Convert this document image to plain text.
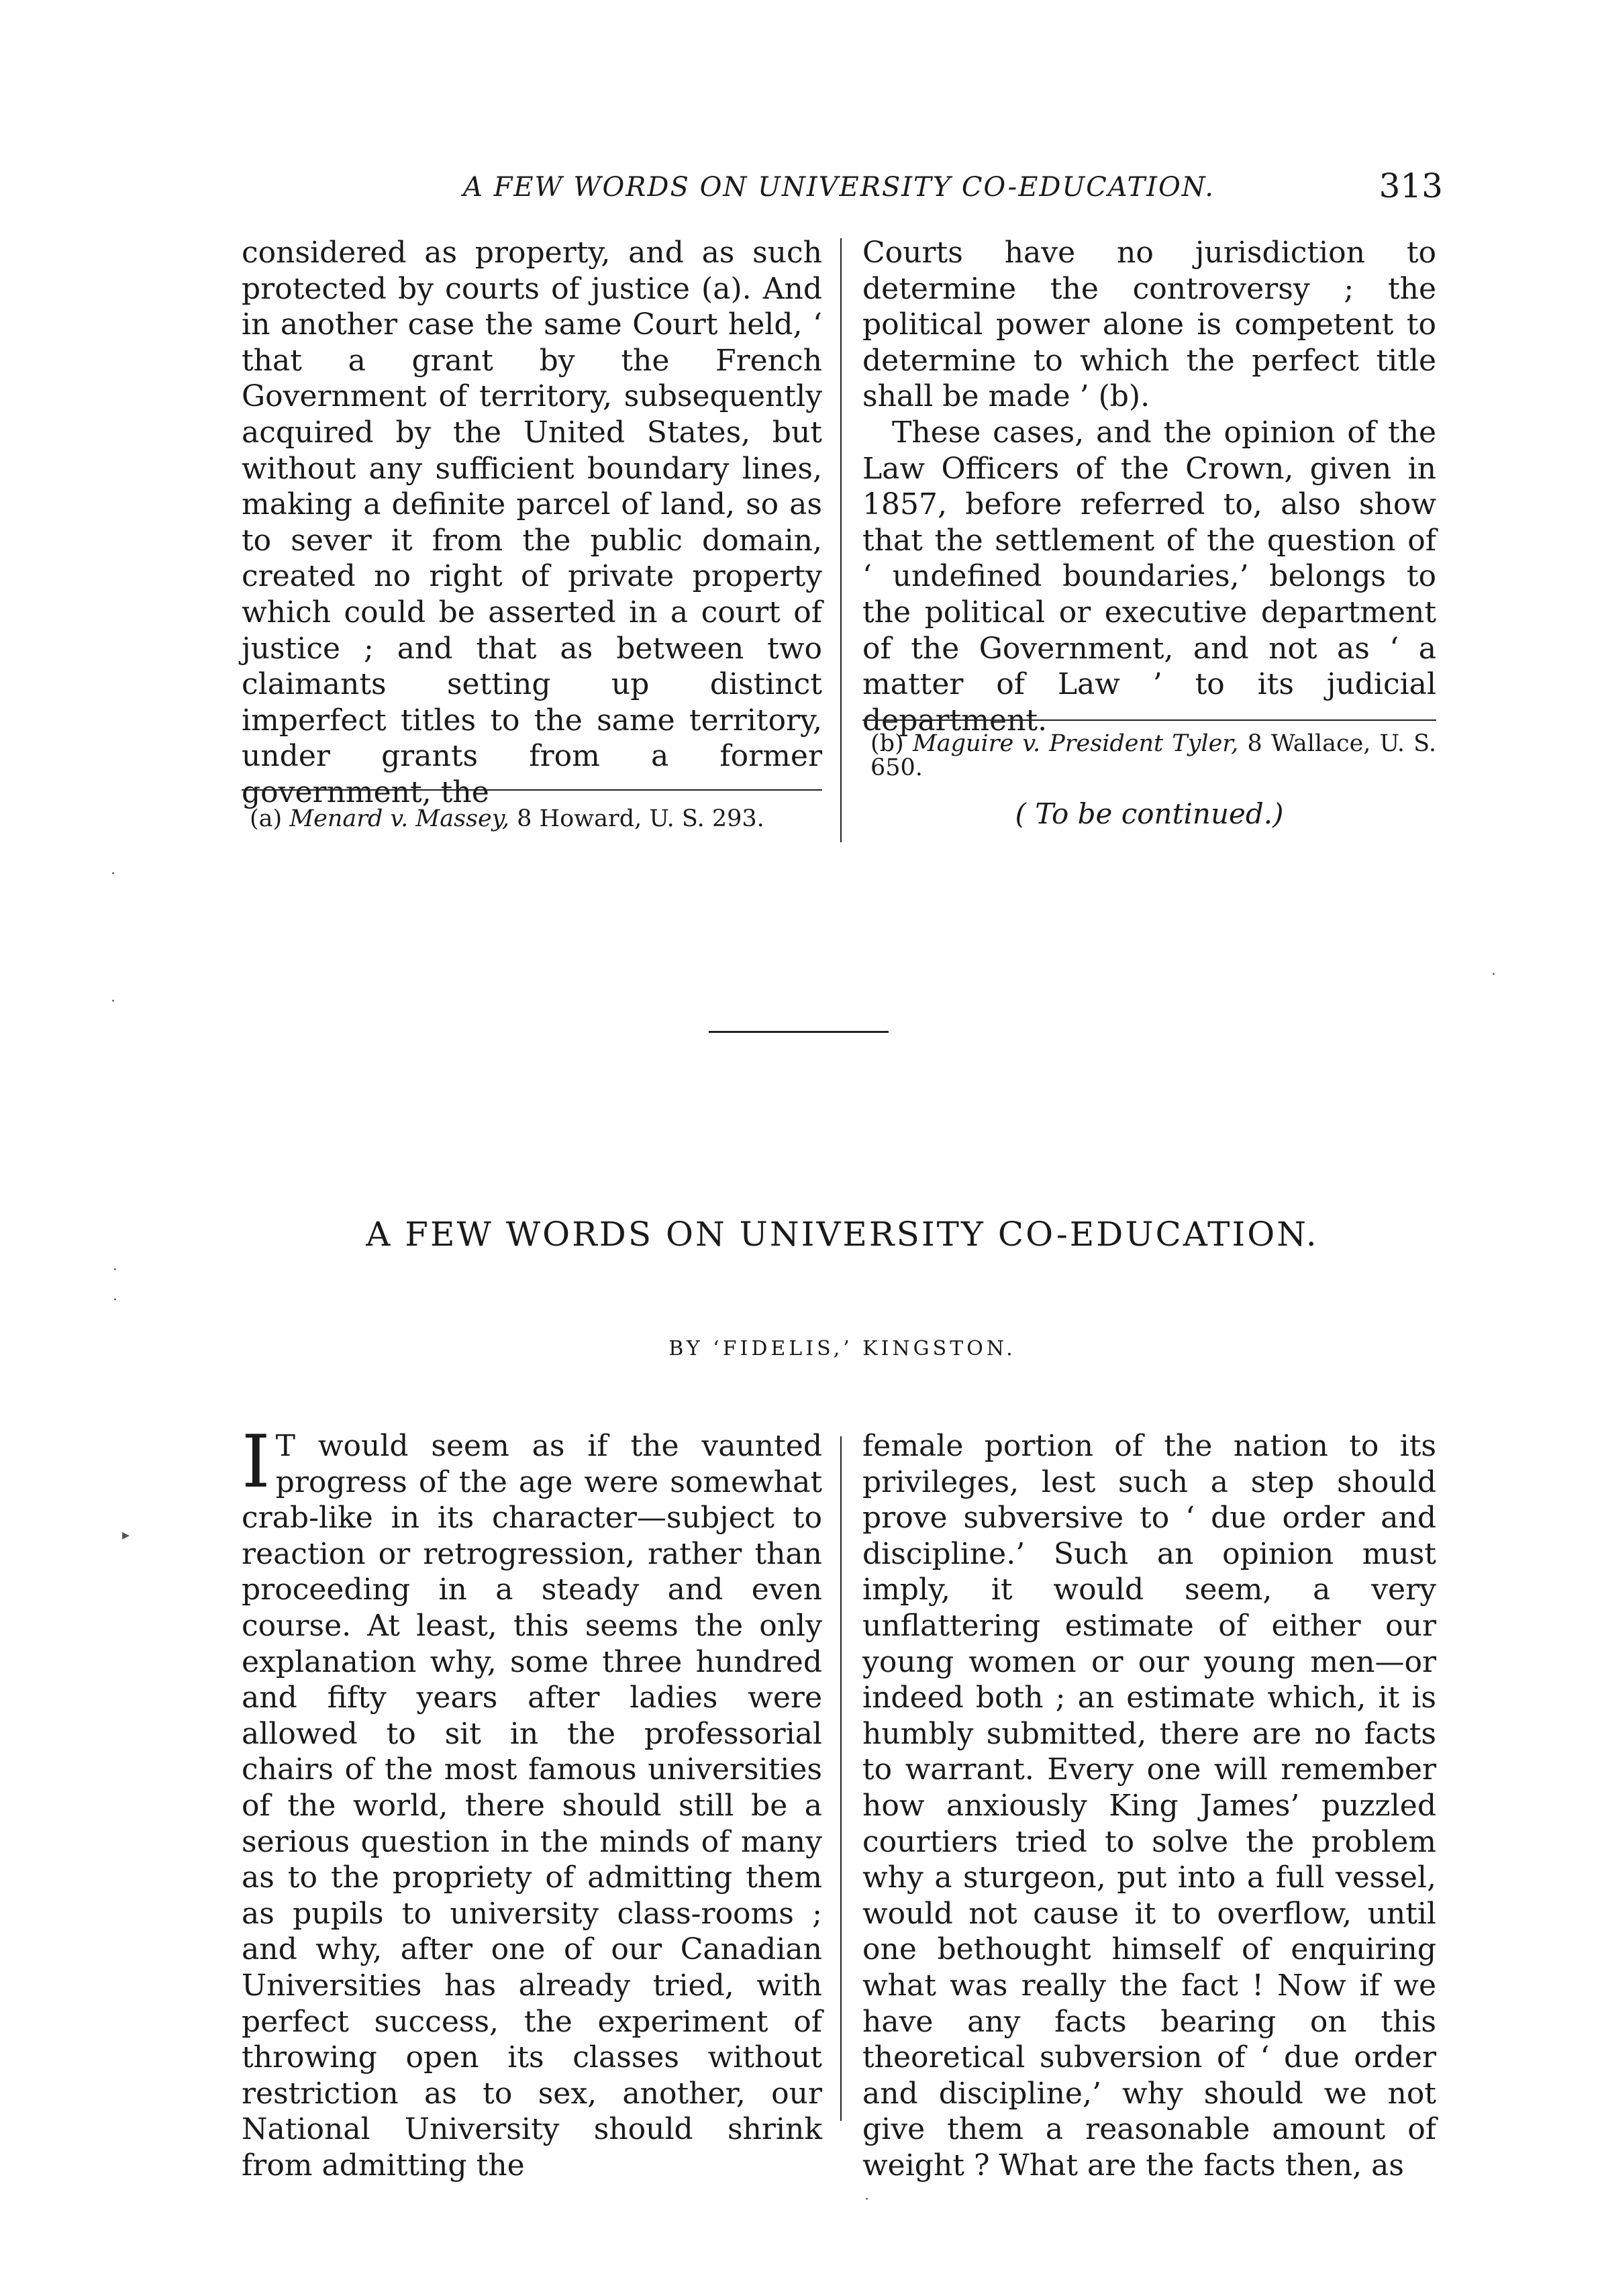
A FEW WORDS ON UNIVERSITY CO-EDUCATION.	313

considered as property, and as such protected by courts of justice (a). And in another case the same Court held, ‘ that a grant by the French Government of territory, subsequently acquired by the United States, but without any sufficient boundary lines, making a definite parcel of land, so as to sever it from the public domain, created no right of private property which could be asserted in a court of justice ; and that as between two claimants setting up distinct imperfect titles to the same territory, under grants from a former government, the

(a) Menard v. Massey, 8 Howard, U. S. 293.

Courts have no jurisdiction to determine the controversy ; the political power alone is competent to determine to which the perfect title shall be made ’ (b).

These cases, and the opinion of the Law Officers of the Crown, given in 1857, before referred to, also show that the settlement of the question of ‘ undefined boundaries,’ belongs to the political or executive department of the Government, and not as ‘ a matter of Law ’ to its judicial department.

(b) Maguire v. President Tyler, 8 Wallace, U. S. 650.
( To be continued.)
A FEW WORDS ON UNIVERSITY CO-EDUCATION.
BY ‘FIDELIS,’ KINGSTON.

I T would seem as if the vaunted progress of the age were somewhat crab-like in its character—subject to reaction or retrogression, rather than proceeding in a steady and even course. At least, this seems the only explanation why, some three hundred and fifty years after ladies were allowed to sit in the professorial chairs of the most famous universities of the world, there should still be a serious question in the minds of many as to the propriety of admitting them as pupils to university class-rooms ; and why, after one of our Canadian Universities has already tried, with perfect success, the experiment of throwing open its classes without restriction as to sex, another, our National University should shrink from admitting the

female portion of the nation to its privileges, lest such a step should prove subversive to ‘ due order and discipline.’ Such an opinion must imply, it would seem, a very unflattering estimate of either our young women or our young men—or indeed both ; an estimate which, it is humbly submitted, there are no facts to warrant. Every one will remember how anxiously King James’ puzzled courtiers tried to solve the problem why a sturgeon, put into a full vessel, would not cause it to overflow, until one bethought himself of enquiring what was really the fact ! Now if we have any facts bearing on this theoretical subversion of ‘ due order and discipline,’ why should we not give them a reasonable amount of weight ? What are the facts then, as

·
·
·
·
▸
·
·
